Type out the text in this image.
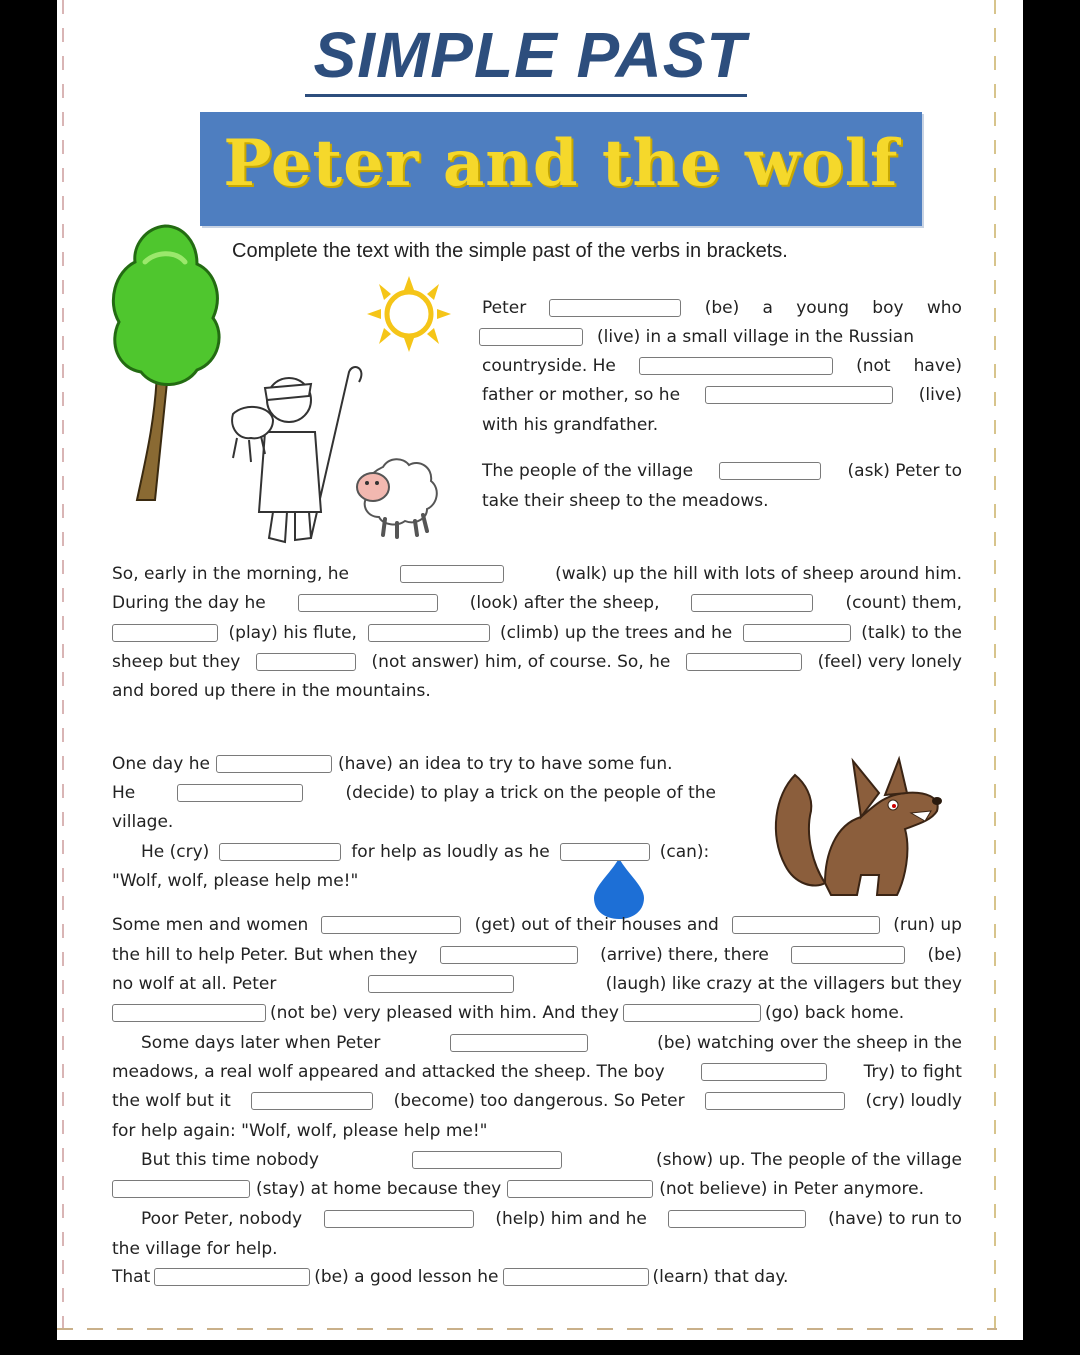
SIMPLE PAST
Peter and the wolf
Complete the text with the simple past of the verbs in brackets.
Peter	(be) a young boy who
(live) in a small village in the Russian
countryside. He	(not have)
father or mother, so he	(live)
with his grandfather.
The people of the village	(ask) Peter to
take their sheep to the meadows.
So, early in the morning, he	(walk) up the hill with lots of sheep around him.
During the day he	(look) after the sheep,	(count) them,
(play) his flute,	(climb) up the trees and he	(talk) to the
sheep but they	(not answer) him, of course. So, he	(feel) very lonely
and bored up there in the mountains.
One day he	(have) an idea to try to have some fun.
He	(decide) to play a trick on the people of the
village.
He (cry)	for help as loudly as he	(can):
"Wolf, wolf, please help me!"
Some men and women	(get) out of their houses and	(run) up
the hill to help Peter. But when they	(arrive) there, there	(be)
no wolf at all. Peter	(laugh) like crazy at the villagers but they
(not be) very pleased with him. And they	(go) back home.
Some days later when Peter	(be) watching over the sheep in the
meadows, a real wolf appeared and attacked the sheep. The boy	Try) to fight
the wolf but it	(become) too dangerous. So Peter	(cry) loudly
for help again: "Wolf, wolf, please help me!"
But this time nobody	(show) up. The people of the village
(stay) at home because they	(not believe) in Peter anymore.
Poor Peter, nobody	(help) him and he	(have) to run to
the village for help.
That	(be) a good lesson he	(learn) that day.
